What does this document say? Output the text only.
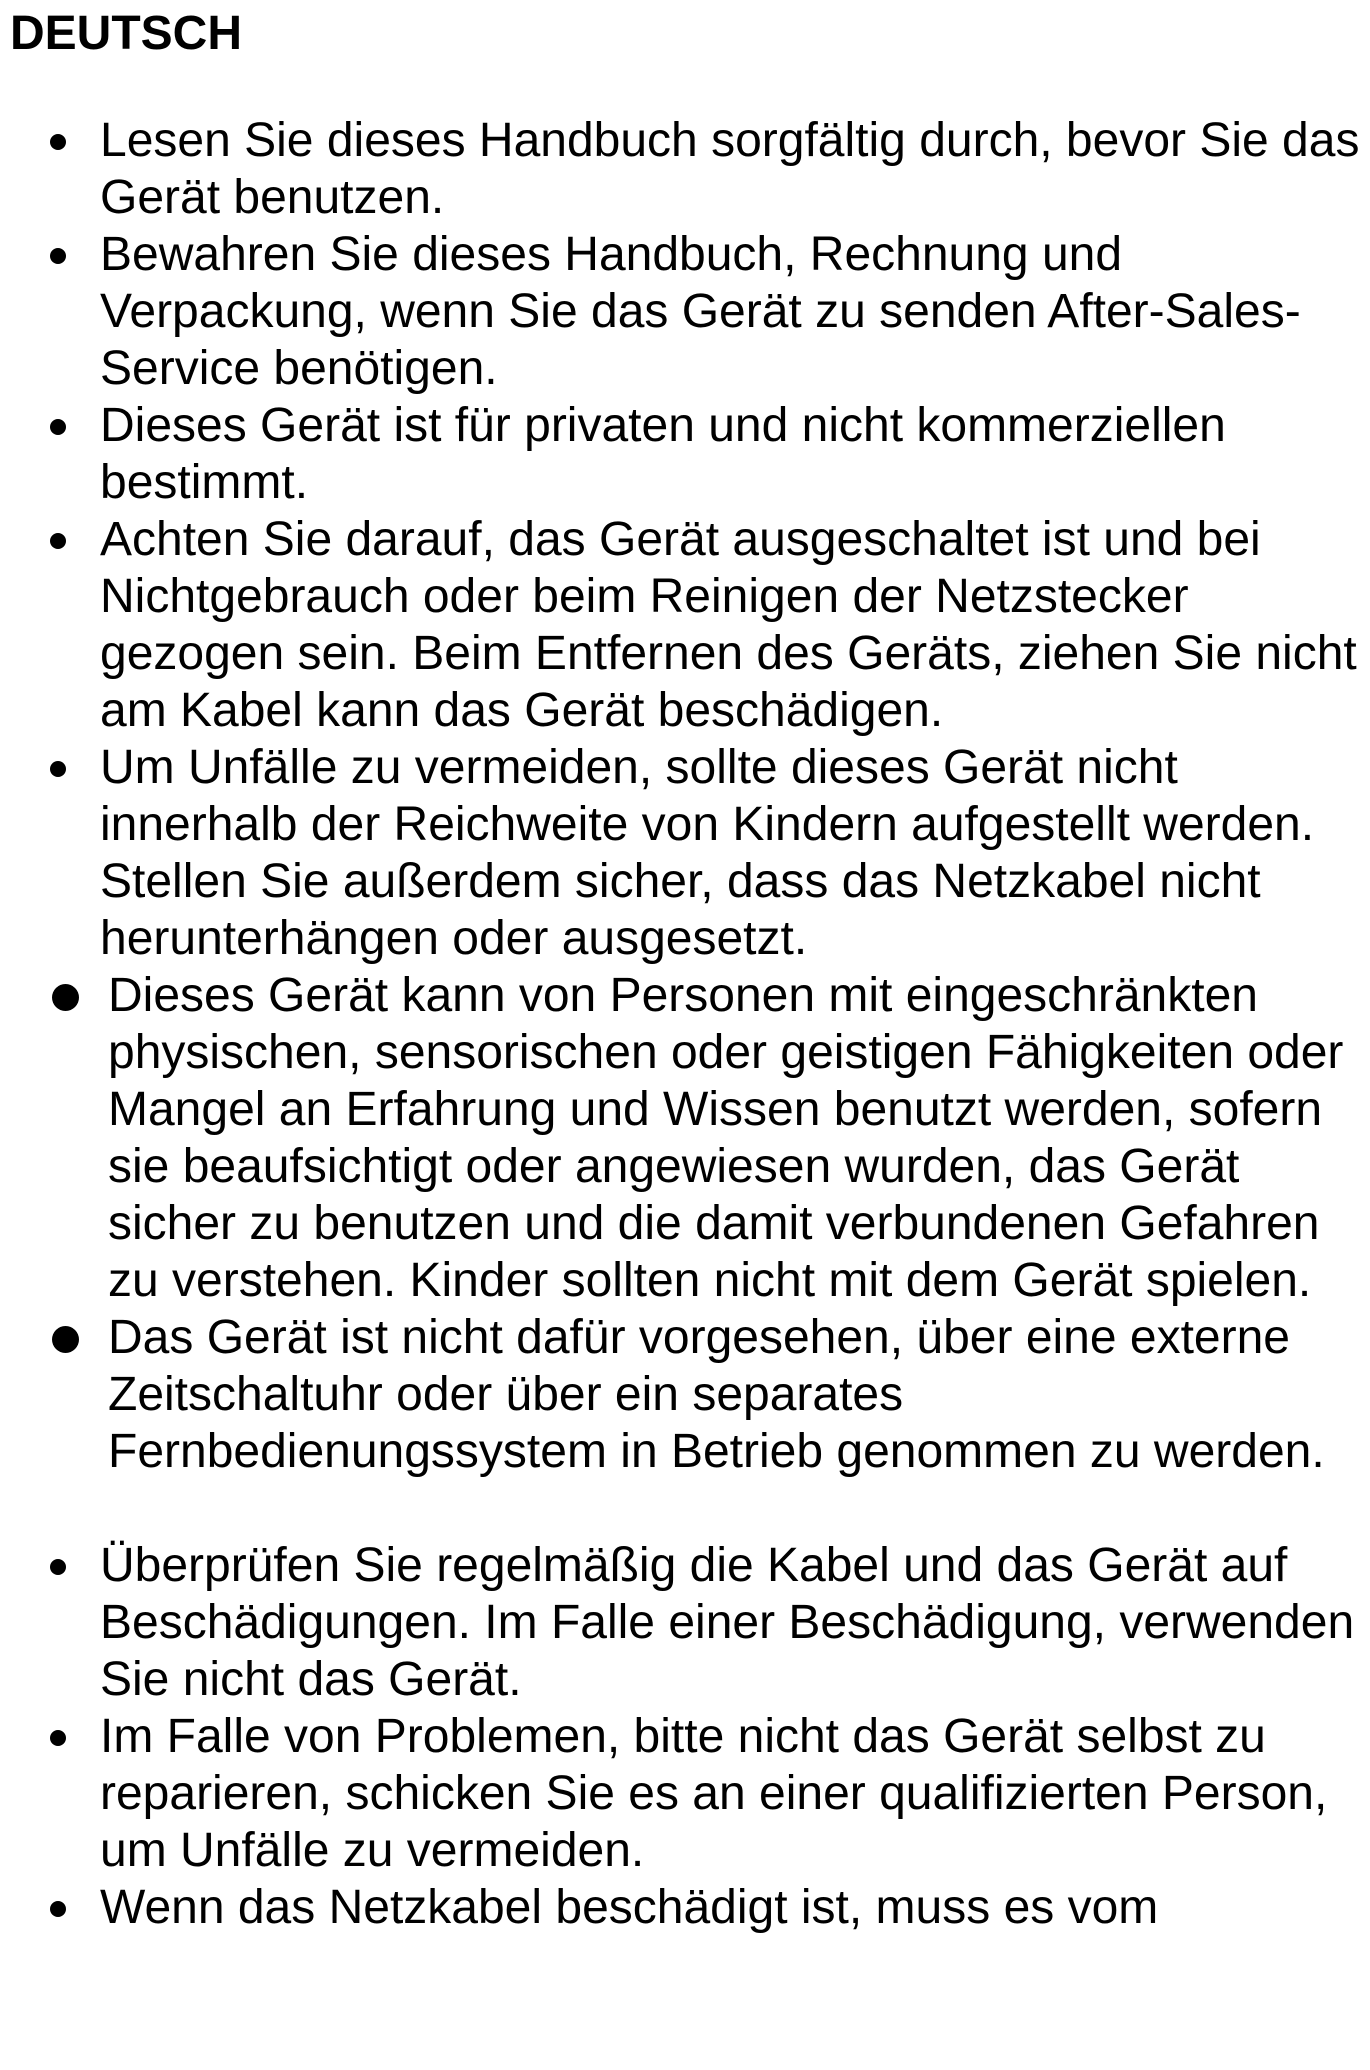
DEUTSCH
Lesen Sie dieses Handbuch sorgfältig durch, bevor Sie das Gerät benutzen.
Bewahren Sie dieses Handbuch, Rechnung und Verpackung, wenn Sie das Gerät zu senden After-Sales-Service benötigen.
Dieses Gerät ist für privaten und nicht kommerziellen bestimmt.
Achten Sie darauf, das Gerät ausgeschaltet ist und bei Nichtgebrauch oder beim Reinigen der Netzstecker gezogen sein. Beim Entfernen des Geräts, ziehen Sie nicht am Kabel kann das Gerät beschädigen.
Um Unfälle zu vermeiden, sollte dieses Gerät nicht innerhalb der Reichweite von Kindern aufgestellt werden. Stellen Sie außerdem sicher, dass das Netzkabel nicht herunterhängen oder ausgesetzt.
Dieses Gerät kann von Personen mit eingeschränkten physischen, sensorischen oder geistigen Fähigkeiten oder Mangel an Erfahrung und Wissen benutzt werden, sofern sie beaufsichtigt oder angewiesen wurden, das Gerät sicher zu benutzen und die damit verbundenen Gefahren zu verstehen. Kinder sollten nicht mit dem Gerät spielen.
Das Gerät ist nicht dafür vorgesehen, über eine externe Zeitschaltuhr oder über ein separates Fernbedienungssystem in Betrieb genommen zu werden.
Überprüfen Sie regelmäßig die Kabel und das Gerät auf Beschädigungen. Im Falle einer Beschädigung, verwenden Sie nicht das Gerät.
Im Falle von Problemen, bitte nicht das Gerät selbst zu reparieren, schicken Sie es an einer qualifizierten Person, um Unfälle zu vermeiden.
Wenn das Netzkabel beschädigt ist, muss es vom
